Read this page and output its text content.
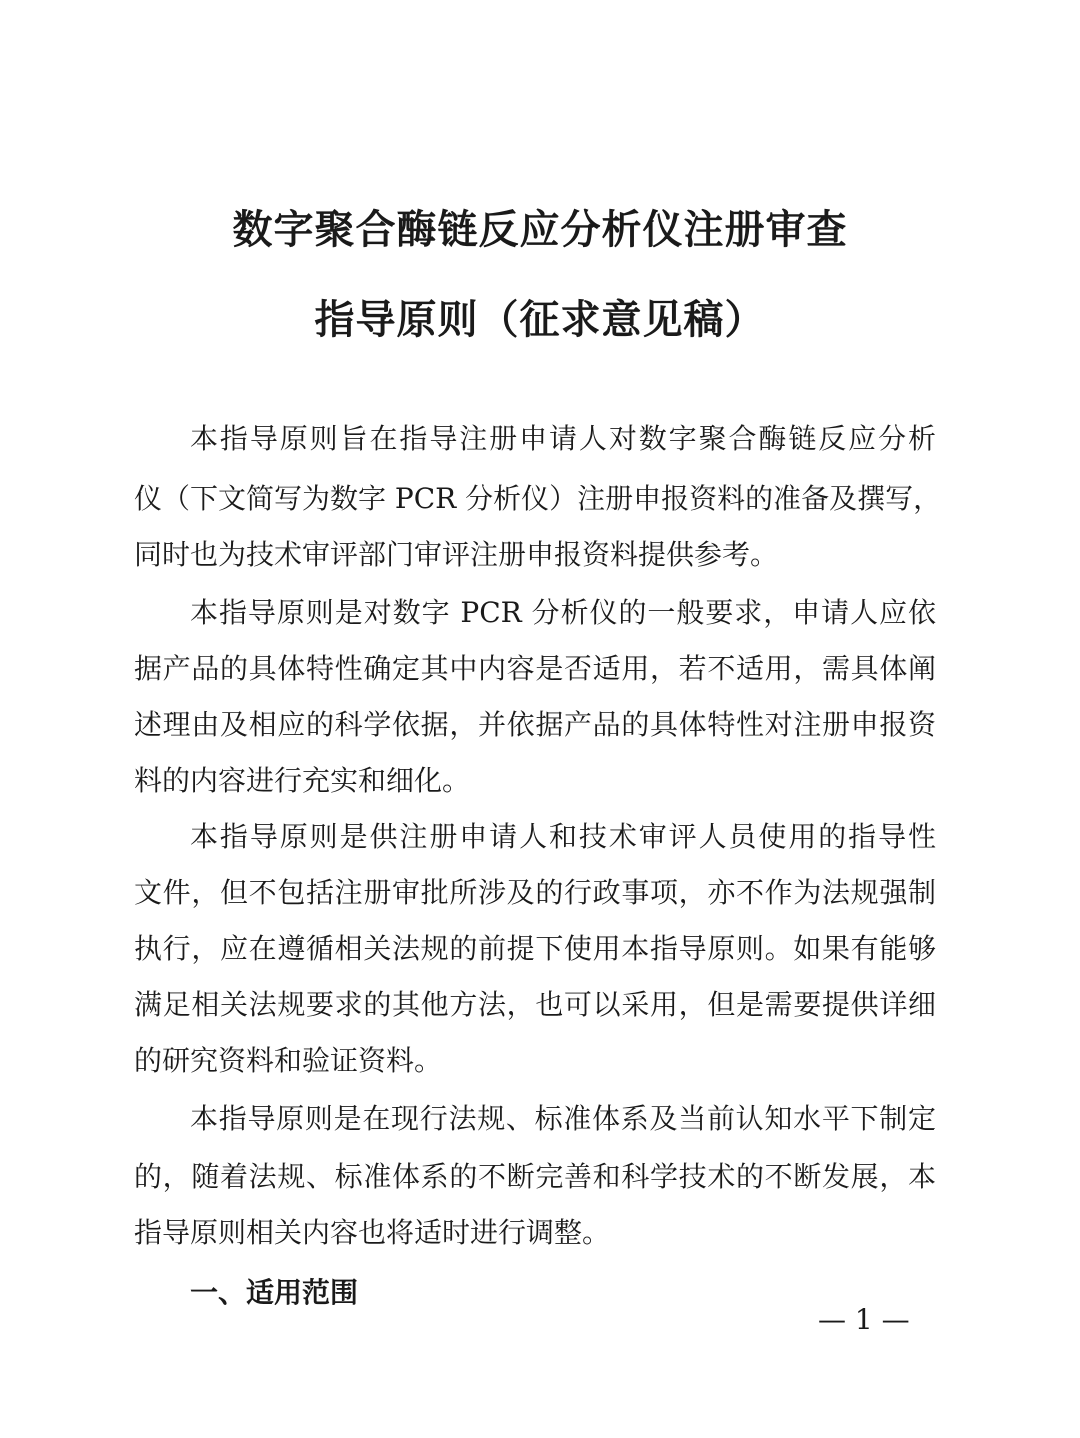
数字聚合酶链反应分析仪注册审查
指导原则（征求意见稿）
本指导原则旨在指导注册申请人对数字聚合酶链反应分析
仪（下文简写为数字 PCR 分析仪）注册申报资料的准备及撰写，
同时也为技术审评部门审评注册申报资料提供参考。
本指导原则是对数字 PCR 分析仪的一般要求，申请人应依
据产品的具体特性确定其中内容是否适用，若不适用，需具体阐
述理由及相应的科学依据，并依据产品的具体特性对注册申报资
料的内容进行充实和细化。
本指导原则是供注册申请人和技术审评人员使用的指导性
文件，但不包括注册审批所涉及的行政事项，亦不作为法规强制
执行，应在遵循相关法规的前提下使用本指导原则。如果有能够
满足相关法规要求的其他方法，也可以采用，但是需要提供详细
的研究资料和验证资料。
本指导原则是在现行法规、标准体系及当前认知水平下制定
的，随着法规、标准体系的不断完善和科学技术的不断发展，本
指导原则相关内容也将适时进行调整。
一、适用范围
— 1 —
